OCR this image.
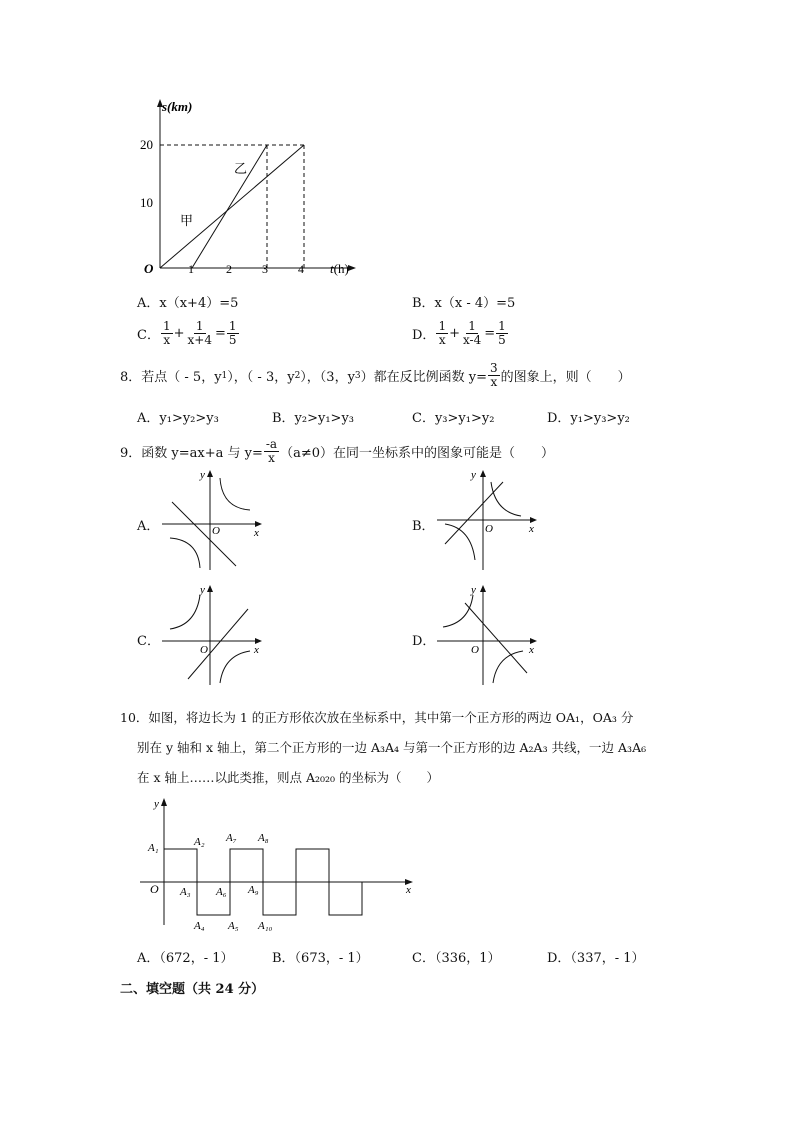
s(km)
20
10
O	1	2	3	4 t(h)
乙
甲
A．x（x+4）=5	B．x（x - 4）=5
C． $\frac{1}{x} + \frac{1}{x+4} = \frac{1}{5}$	D． $\frac{1}{x} + \frac{1}{x-4} = \frac{1}{5}$
8．若点（ - 5，y 1 ），（ - 3，y 2 ），（3，y 3 ）都在反比例函数 $y= \frac{3}{x}$ 的图象上，则（　　）
A．y₁>y₂>y₃	B．y₂>y₁>y₃	C．y₃>y₁>y₂	D．y₁>y₃>y₂
9．函数 y=ax+a 与 $y= \frac{-a}{x} (a\ne 0)$在同一坐标系中的图象可能是（　　）
A．
y
x
O	B．
y
x
O
C．
y
x
O
D．
y
x
O
10．如图，将边长为 1 的正方形依次放在坐标系中，其中第一个正方形的两边 OA₁，OA₃ 分
别在 y 轴和 x 轴上，第二个正方形的一边 A₃A₄ 与第一个正方形的边 A₂A₃ 共线，一边 A₃A₆
在 x 轴上……以此类推，则点 A₂₀₂₀ 的坐标为（　　）
y
x
O
A₁	A₂
A₃
A₄ A₅
A₆
A₇ A₈
A₉
A₁₀
A．（672，- 1）	B．（673，- 1）	C．（336，1）	D．（337，- 1）
二、填空题（共 24 分）
